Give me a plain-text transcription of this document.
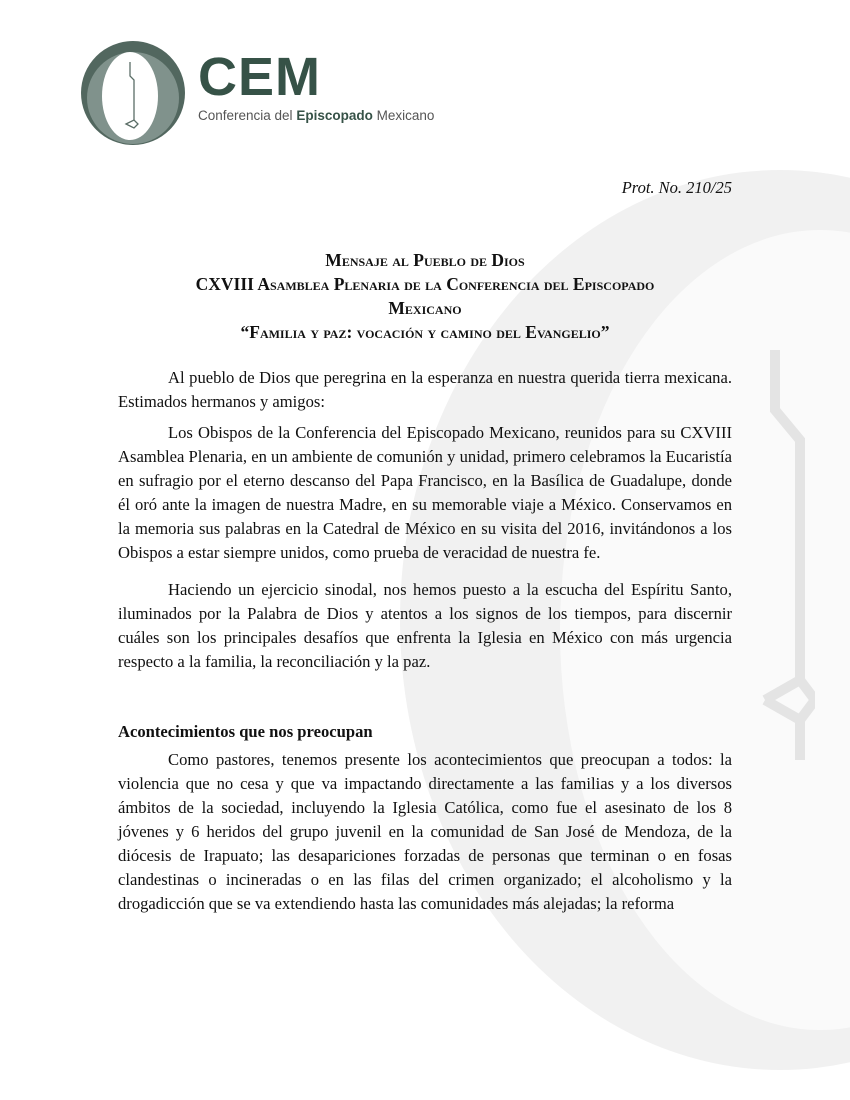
CEM
Conferencia del Episcopado Mexicano
Prot. No. 210/25
Mensaje al Pueblo de Dios
CXVIII Asamblea Plenaria de la Conferencia del Episcopado
Mexicano
“Familia y paz: vocación y camino del Evangelio”

Al pueblo de Dios que peregrina en la esperanza en nuestra querida tierra mexicana. Estimados hermanos y amigos:

Los Obispos de la Conferencia del Episcopado Mexicano, reunidos para su CXVIII Asamblea Plenaria, en un ambiente de comunión y unidad, primero celebramos la Eucaristía en sufragio por el eterno descanso del Papa Francisco, en la Basílica de Guadalupe, donde él oró ante la imagen de nuestra Madre, en su memorable viaje a México. Conservamos en la memoria sus palabras en la Catedral de México en su visita del 2016, invitándonos a los Obispos a estar siempre unidos, como prueba de veracidad de nuestra fe.

Haciendo un ejercicio sinodal, nos hemos puesto a la escucha del Espíritu Santo, iluminados por la Palabra de Dios y atentos a los signos de los tiempos, para discernir cuáles son los principales desafíos que enfrenta la Iglesia en México con más urgencia respecto a la familia, la reconciliación y la paz.

Acontecimientos que nos preocupan

Como pastores, tenemos presente los acontecimientos que preocupan a todos: la violencia que no cesa y que va impactando directamente a las familias y a los diversos ámbitos de la sociedad, incluyendo la Iglesia Católica, como fue el asesinato de los 8 jóvenes y 6 heridos del grupo juvenil en la comunidad de San José de Mendoza, de la diócesis de Irapuato; las desapariciones forzadas de personas que terminan o en fosas clandestinas o incineradas o en las filas del crimen organizado; el alcoholismo y la drogadicción que se va extendiendo hasta las comunidades más alejadas; la reforma
